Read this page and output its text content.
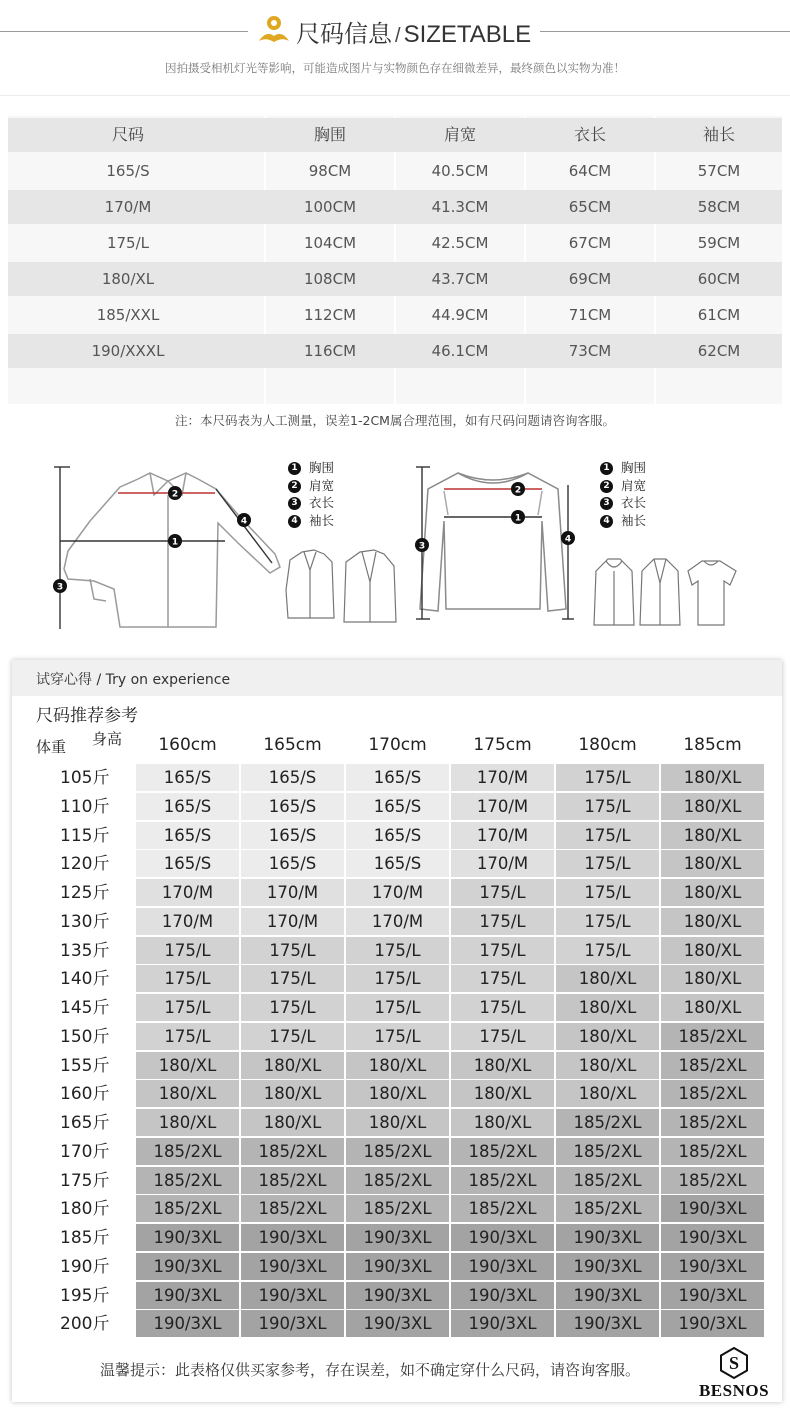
尺码信息 / SIZETABLE
因拍摄受相机灯光等影响，可能造成图片与实物颜色存在细微差异，最终颜色以实物为准！
尺码	胸围	肩宽	衣长	袖长
165/S	98CM	40.5CM	64CM	57CM
170/M	100CM	41.3CM	65CM	58CM
175/L	104CM	42.5CM	67CM	59CM
180/XL	108CM	43.7CM	69CM	60CM
185/XXL	112CM	44.9CM	71CM	61CM
190/XXXL	116CM	46.1CM	73CM	62CM
注：本尺码表为人工测量，误差1-2CM属合理范围，如有尺码问题请咨询客服。
1
2
3
4
1 胸围
2 肩宽
3 衣长
4 袖长	1
2
3
4
1 胸围
2 肩宽
3 衣长
4 袖长
试穿心得 / Try on experience
尺码推荐参考
体重 身高	160cm	165cm	170cm	175cm	180cm	185cm
105斤	165/S	165/S	165/S	170/M	175/L	180/XL
110斤	165/S	165/S	165/S	170/M	175/L	180/XL
115斤	165/S	165/S	165/S	170/M	175/L	180/XL
120斤	165/S	165/S	165/S	170/M	175/L	180/XL
125斤	170/M	170/M	170/M	175/L	175/L	180/XL
130斤	170/M	170/M	170/M	175/L	175/L	180/XL
135斤	175/L	175/L	175/L	175/L	175/L	180/XL
140斤	175/L	175/L	175/L	175/L	180/XL	180/XL
145斤	175/L	175/L	175/L	175/L	180/XL	180/XL
150斤	175/L	175/L	175/L	175/L	180/XL	185/2XL
155斤	180/XL	180/XL	180/XL	180/XL	180/XL	185/2XL
160斤	180/XL	180/XL	180/XL	180/XL	180/XL	185/2XL
165斤	180/XL	180/XL	180/XL	180/XL	185/2XL	185/2XL
170斤	185/2XL	185/2XL	185/2XL	185/2XL	185/2XL	185/2XL
175斤	185/2XL	185/2XL	185/2XL	185/2XL	185/2XL	185/2XL
180斤	185/2XL	185/2XL	185/2XL	185/2XL	185/2XL	190/3XL
185斤	190/3XL	190/3XL	190/3XL	190/3XL	190/3XL	190/3XL
190斤	190/3XL	190/3XL	190/3XL	190/3XL	190/3XL	190/3XL
195斤	190/3XL	190/3XL	190/3XL	190/3XL	190/3XL	190/3XL
200斤	190/3XL	190/3XL	190/3XL	190/3XL	190/3XL	190/3XL
温馨提示：此表格仅供买家参考，存在误差，如不确定穿什么尺码，请咨询客服。	S
BESNOS
